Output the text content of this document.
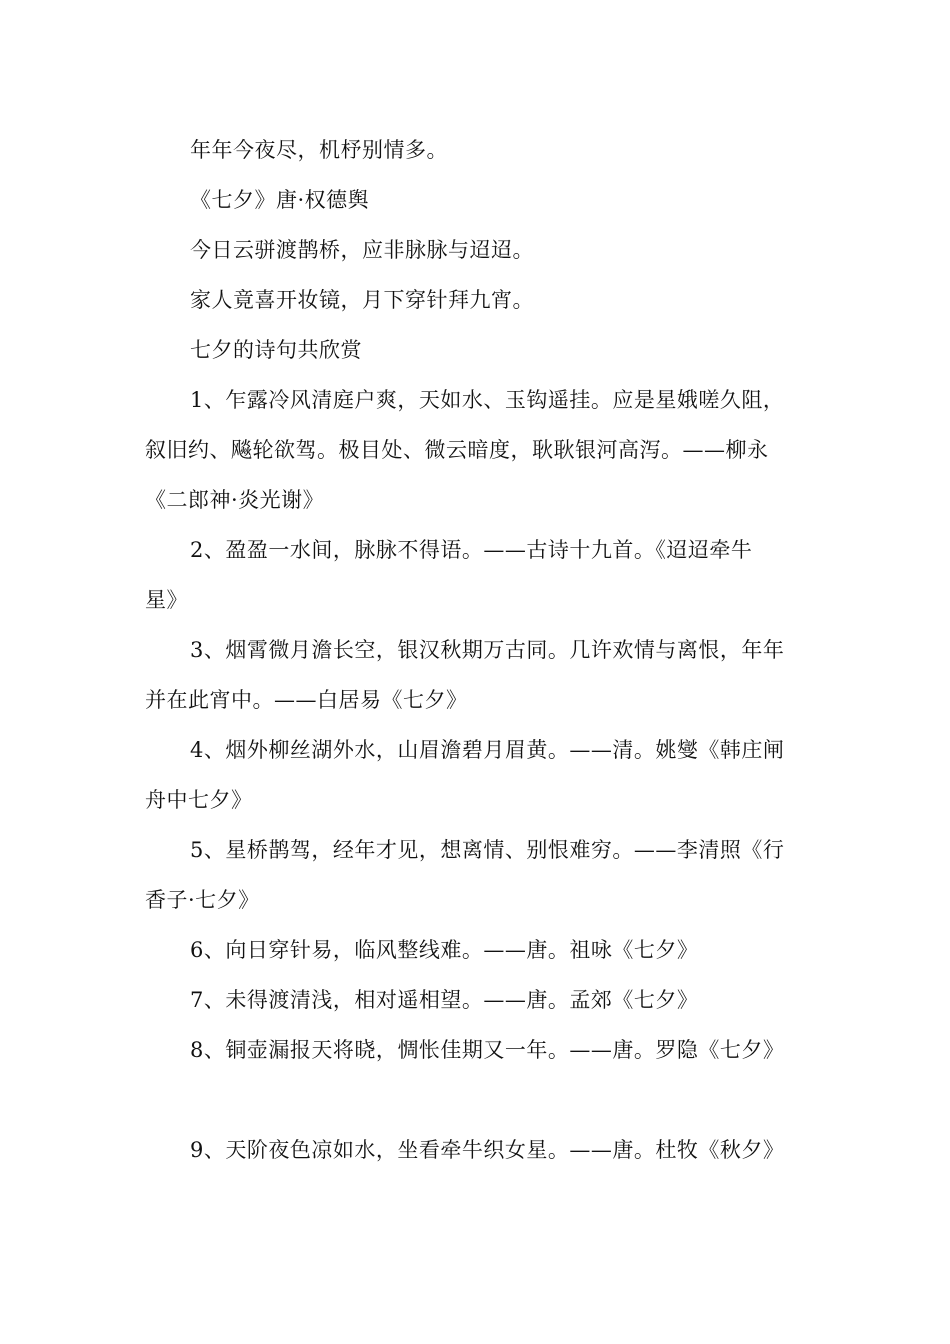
年年今夜尽，机杼别情多。
《七夕》唐·权德舆
今日云骈渡鹊桥，应非脉脉与迢迢。
家人竟喜开妆镜，月下穿针拜九宵。
七夕的诗句共欣赏
1、乍露冷风清庭户爽，天如水、玉钩遥挂。应是星娥嗟久阻，
叙旧约、飚轮欲驾。极目处、微云暗度，耿耿银河高泻。——柳永
《二郎神·炎光谢》
2、盈盈一水间，脉脉不得语。——古诗十九首。《迢迢牵牛
星》
3、烟霄微月澹长空，银汉秋期万古同。几许欢情与离恨，年年
并在此宵中。——白居易《七夕》
4、烟外柳丝湖外水，山眉澹碧月眉黄。——清。姚燮《韩庄闸
舟中七夕》
5、星桥鹊驾，经年才见，想离情、别恨难穷。——李清照《行
香子·七夕》
6、向日穿针易，临风整线难。——唐。祖咏《七夕》
7、未得渡清浅，相对遥相望。——唐。孟郊《七夕》
8、铜壶漏报天将晓，惆怅佳期又一年。——唐。罗隐《七夕》
9、天阶夜色凉如水，坐看牵牛织女星。——唐。杜牧《秋夕》
